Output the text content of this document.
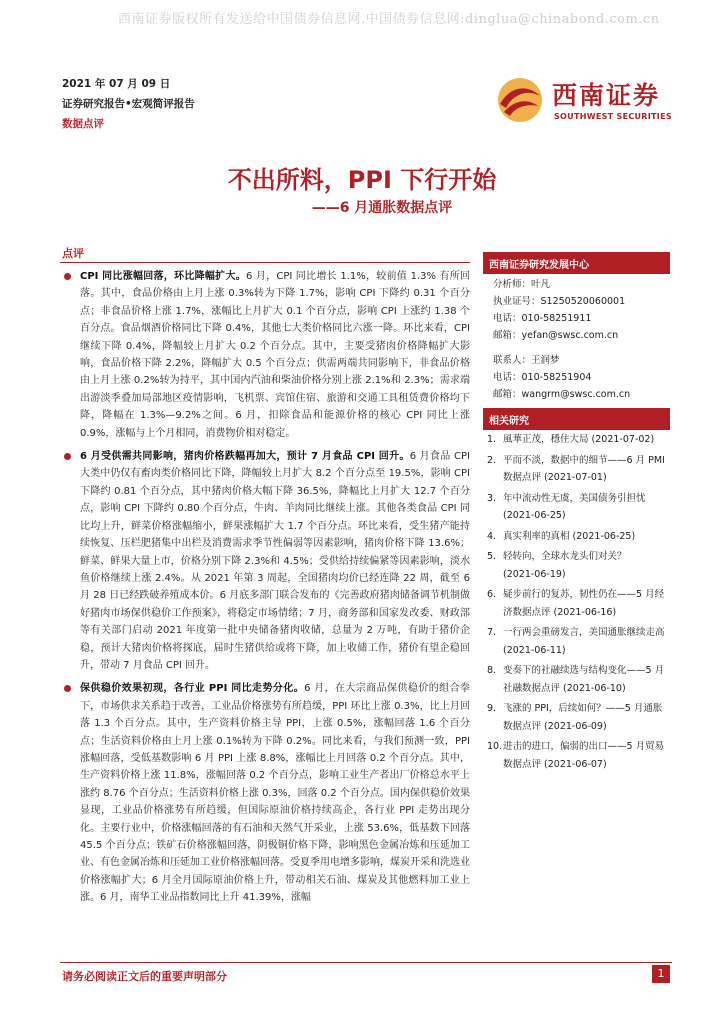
西南证券版权所有发送给中国债券信息网.中国债券信息网:dinglua@chinabond.com.cn
2021 年 07 月 09 日
证券研究报告•宏观简评报告
数据点评
西南证券
SOUTHWEST SECURITIES
不出所料，PPI 下行开始
——6 月通胀数据点评
点评

CPI 同比涨幅回落，环比降幅扩大。6 月，CPI 同比增长 1.1%，较前值 1.3% 有所回落。其中，食品价格由上月上涨 0.3%转为下降 1.7%，影响 CPI 下降约 0.31 个百分点；非食品价格上涨 1.7%，涨幅比上月扩大 0.1 个百分点，影响 CPI 上涨约 1.38 个百分点。食品烟酒价格同比下降 0.4%，其他七大类价格同比六涨一降。环比来看，CPI 继续下降 0.4%，降幅较上月扩大 0.2 个百分点。其中，主要受猪肉价格降幅扩大影响，食品价格下降 2.2%，降幅扩大 0.5 个百分点；供需两端共同影响下，非食品价格由上月上涨 0.2%转为持平，其中国内汽油和柴油价格分别上涨 2.1%和 2.3%；需求端出游淡季叠加局部地区疫情影响，飞机票、宾馆住宿、旅游和交通工具租赁费价格均下降，降幅在 1.3%—9.2%之间。6 月，扣除食品和能源价格的核心 CPI 同比上涨 0.9%，涨幅与上个月相同，消费物价相对稳定。

6 月受供需共同影响，猪肉价格跌幅再加大，预计 7 月食品 CPI 回升。6 月食品 CPI 大类中仍仅有畜肉类价格同比下降，降幅较上月扩大 8.2 个百分点至 19.5%，影响 CPI 下降约 0.81 个百分点，其中猪肉价格大幅下降 36.5%，降幅比上月扩大 12.7 个百分点，影响 CPI 下降约 0.80 个百分点，牛肉、羊肉同比继续上涨。其他各类食品 CPI 同比均上升，鲜菜价格涨幅缩小，鲜果涨幅扩大 1.7 个百分点。环比来看，受生猪产能持续恢复、压栏肥猪集中出栏及消费需求季节性偏弱等因素影响，猪肉价格下降 13.6%；鲜菜、鲜果大量上市，价格分别下降 2.3%和 4.5%；受供给持续偏紧等因素影响，淡水鱼价格继续上涨 2.4%。从 2021 年第 3 周起，全国猪肉均价已经连降 22 周，截至 6 月 28 日已经跌破养殖成本价。6 月底多部门联合发布的《完善政府猪肉储备调节机制做好猪肉市场保供稳价工作预案》，将稳定市场情绪；7 月，商务部和国家发改委、财政部等有关部门启动 2021 年度第一批中央储备猪肉收储，总量为 2 万吨，有助于猪价企稳，预计大猪肉价格将探底，届时生猪供给或将下降，加上收储工作，猪价有望企稳回升，带动 7 月食品 CPI 回升。

保供稳价效果初现，各行业 PPI 同比走势分化。6 月，在大宗商品保供稳价的组合拳下，市场供求关系趋于改善，工业品价格涨势有所趋缓，PPI 环比上涨 0.3%，比上月回落 1.3 个百分点。其中，生产资料价格主导 PPI，上涨 0.5%，涨幅回落 1.6 个百分点；生活资料价格由上月上涨 0.1%转为下降 0.2%。同比来看，与我们预测一致，PPI 涨幅回落，受低基数影响 6 月 PPI 上涨 8.8%，涨幅比上月回落 0.2 个百分点。其中，生产资料价格上涨 11.8%，涨幅回落 0.2 个百分点，影响工业生产者出厂价格总水平上涨约 8.76 个百分点；生活资料价格上涨 0.3%，回落 0.2 个百分点。国内保供稳价效果显现，工业品价格涨势有所趋缓，但国际原油价格持续高企，各行业 PPI 走势出现分化。主要行业中，价格涨幅回落的有石油和天然气开采业，上涨 53.6%，低基数下回落 45.5 个百分点；铁矿石价格涨幅回落，阴极铜价格下降，影响黑色金属冶炼和压延加工业、有色金属冶炼和压延加工业价格涨幅回落。受夏季用电增多影响，煤炭开采和洗选业价格涨幅扩大；6 月全月国际原油价格上升，带动相关石油、煤炭及其他燃料加工业上涨。6 月，南华工业品指数同比上升 41.39%，涨幅

西南证券研究发展中心
分析师：叶凡
执业证号：S1250520060001
电话：010-58251911
邮箱：yefan@swsc.com.cn
联系人：王润梦
电话：010-58251904
邮箱：wangrm@swsc.com.cn
相关研究
1. 風華正茂，穩住大局 (2021-07-02)
2. 平而不淡，数据中的细节——6 月 PMI 数据点评 (2021-07-01)
3. 年中流动性无虞，美国债务引担忧
(2021-06-25)
4. 真实利率的真相 (2021-06-25)
5. 轻转向，全球水龙头们对关？
(2021-06-19)
6. 疑步前行的复苏，韧性仍在——5 月经济数据点评 (2021-06-16)
7. 一行两会重磅发言，美国通胀继续走高
(2021-06-11)
8. 变奏下的社融续选与结构变化——5 月社融数据点评 (2021-06-10)
9. 飞涨的 PPI，后续如何？——5 月通胀数据点评 (2021-06-09)
10. 进击的进口，偏弱的出口——5 月贸易数据点评 (2021-06-07)
请务必阅读正文后的重要声明部分	1
